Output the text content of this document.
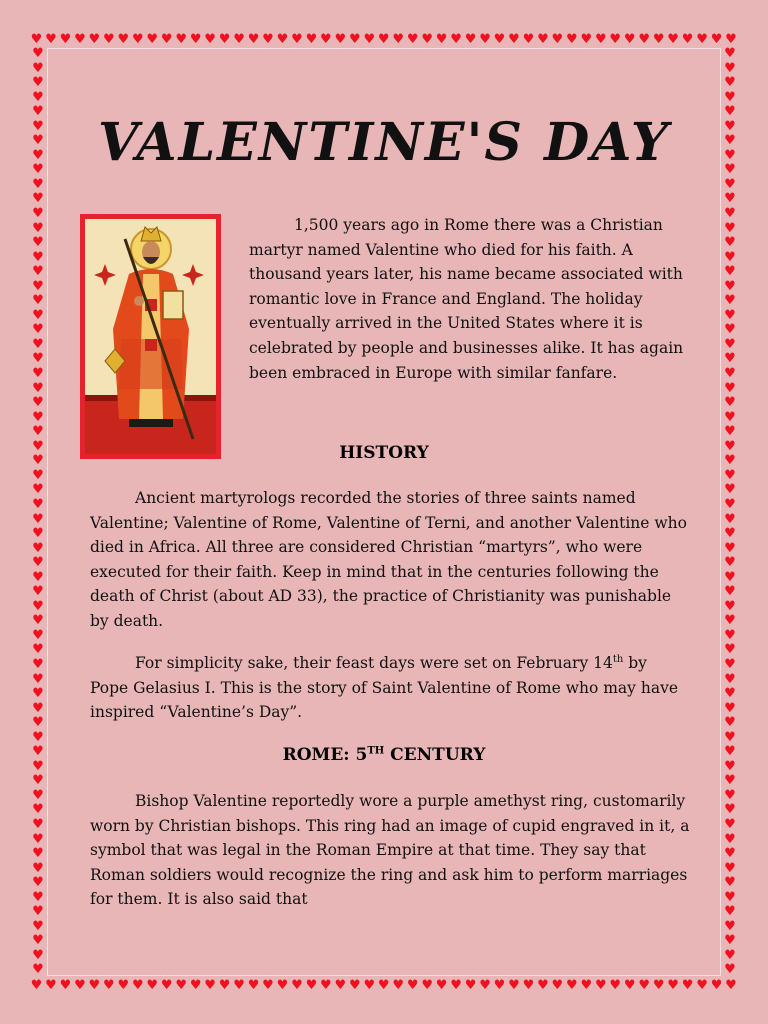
♥ ♥ ♥ ♥ ♥ ♥ ♥ ♥ ♥ ♥ ♥ ♥ ♥ ♥ ♥ ♥ ♥ ♥ ♥ ♥ ♥ ♥ ♥ ♥ ♥ ♥ ♥ ♥ ♥ ♥ ♥ ♥ ♥ ♥ ♥ ♥ ♥ ♥ ♥ ♥ ♥ ♥ ♥ ♥ ♥ ♥ ♥ ♥ ♥
♥ ♥ ♥ ♥ ♥ ♥ ♥ ♥ ♥ ♥ ♥ ♥ ♥ ♥ ♥ ♥ ♥ ♥ ♥ ♥ ♥ ♥ ♥ ♥ ♥ ♥ ♥ ♥ ♥ ♥ ♥ ♥ ♥ ♥ ♥ ♥ ♥ ♥ ♥ ♥ ♥ ♥ ♥ ♥ ♥ ♥ ♥ ♥ ♥
♥
♥
♥
♥
♥
♥
♥
♥
♥
♥
♥
♥
♥
♥
♥
♥
♥
♥
♥
♥
♥
♥
♥
♥
♥
♥
♥
♥
♥
♥
♥
♥
♥
♥
♥
♥
♥
♥
♥
♥
♥
♥
♥
♥
♥
♥
♥
♥
♥
♥
♥
♥
♥
♥
♥
♥
♥
♥
♥
♥
♥
♥
♥
♥
♥
♥
♥
♥
♥
♥
♥
♥
♥
♥
♥
♥
♥
♥
♥
♥
♥
♥
♥
♥
♥
♥
♥
♥
♥
♥
♥
♥
♥
♥
♥
♥
♥
♥
♥
♥
♥
♥
♥
♥
♥
♥
♥
♥
♥
♥
♥
♥
♥
♥
♥
♥
♥
♥
♥
♥
♥
♥
♥
♥
♥
♥
♥
♥
VALENTINE'S DAY

1,500 years ago in Rome there was a Christian martyr named Valentine who died for his faith. A thousand years later, his name became associated with romantic love in France and England. The holiday eventually arrived in the United States where it is celebrated by people and businesses alike. It has again been embraced in Europe with similar fanfare.

HISTORY

Ancient martyrologs recorded the stories of three saints named Valentine; Valentine of Rome, Valentine of Terni, and another Valentine who died in Africa. All three are considered Christian “martyrs”, who were executed for their faith. Keep in mind that in the centuries following the death of Christ (about AD 33), the practice of Christianity was punishable by death.

For simplicity sake, their feast days were set on February 14th by Pope Gelasius I. This is the story of Saint Valentine of Rome who may have inspired “Valentine’s Day”.

ROME: 5TH CENTURY

Bishop Valentine reportedly wore a purple amethyst ring, customarily worn by Christian bishops. This ring had an image of cupid engraved in it, a symbol that was legal in the Roman Empire at that time. They say that Roman soldiers would recognize the ring and ask him to perform marriages for them. It is also said that
